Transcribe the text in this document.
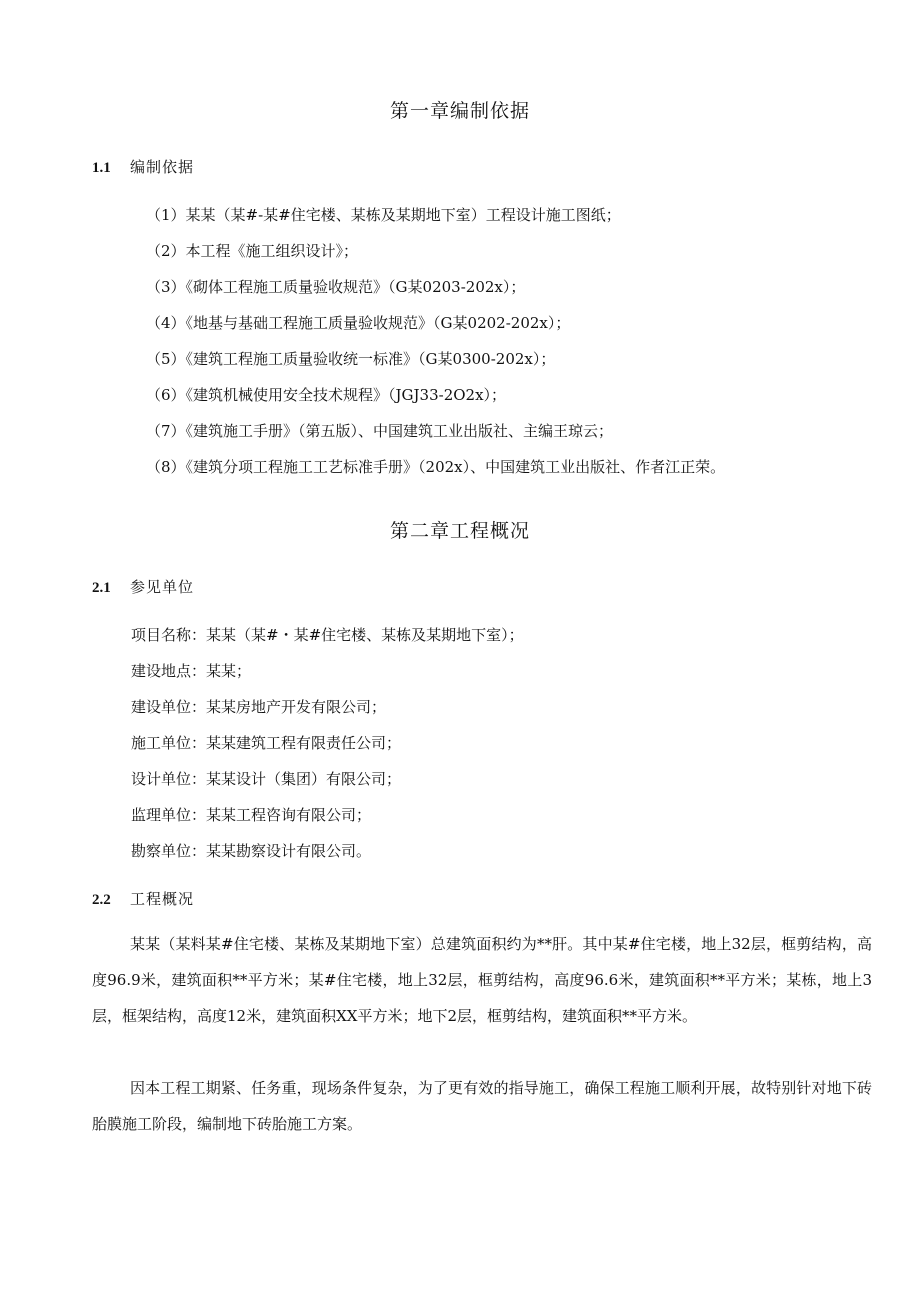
第一章编制依据
1.1	编制依据

（1）某某（某#-某#住宅楼、某栋及某期地下室）工程设计施工图纸；

（2）本工程《施工组织设计》；

（3）《砌体工程施工质量验收规范》（G某0203-202x）；

（4）《地基与基础工程施工质量验收规范》（G某0202-202x）；

（5）《建筑工程施工质量验收统一标准》（G某0300-202x）；

（6）《建筑机械使用安全技术规程》（JGJ33-2O2x）；

（7）《建筑施工手册》（第五版）、中国建筑工业出版社、主编王琼云；

（8）《建筑分项工程施工工艺标准手册》（202x）、中国建筑工业出版社、作者江正荣。

第二章工程概况
2.1	参见单位

项目名称：某某（某#・某#住宅楼、某栋及某期地下室）；

建设地点：某某；

建设单位：某某房地产开发有限公司；

施工单位：某某建筑工程有限责任公司；

设计单位：某某设计（集团）有限公司；

监理单位：某某工程咨询有限公司；

勘察单位：某某勘察设计有限公司。

2.2	工程概况

某某（某料某#住宅楼、某栋及某期地下室）总建筑面积约为**肝。其中某#住宅楼，地上32层，框剪结构，高度96.9米，建筑面积**平方米；某#住宅楼，地上32层，框剪结构，高度96.6米，建筑面积**平方米；某栋，地上3层，框架结构，高度12米，建筑面积XX平方米；地下2层，框剪结构，建筑面积**平方米。

因本工程工期紧、任务重，现场条件复杂，为了更有效的指导施工，确保工程施工顺利开展，故特别针对地下砖胎膜施工阶段，编制地下砖胎施工方案。
